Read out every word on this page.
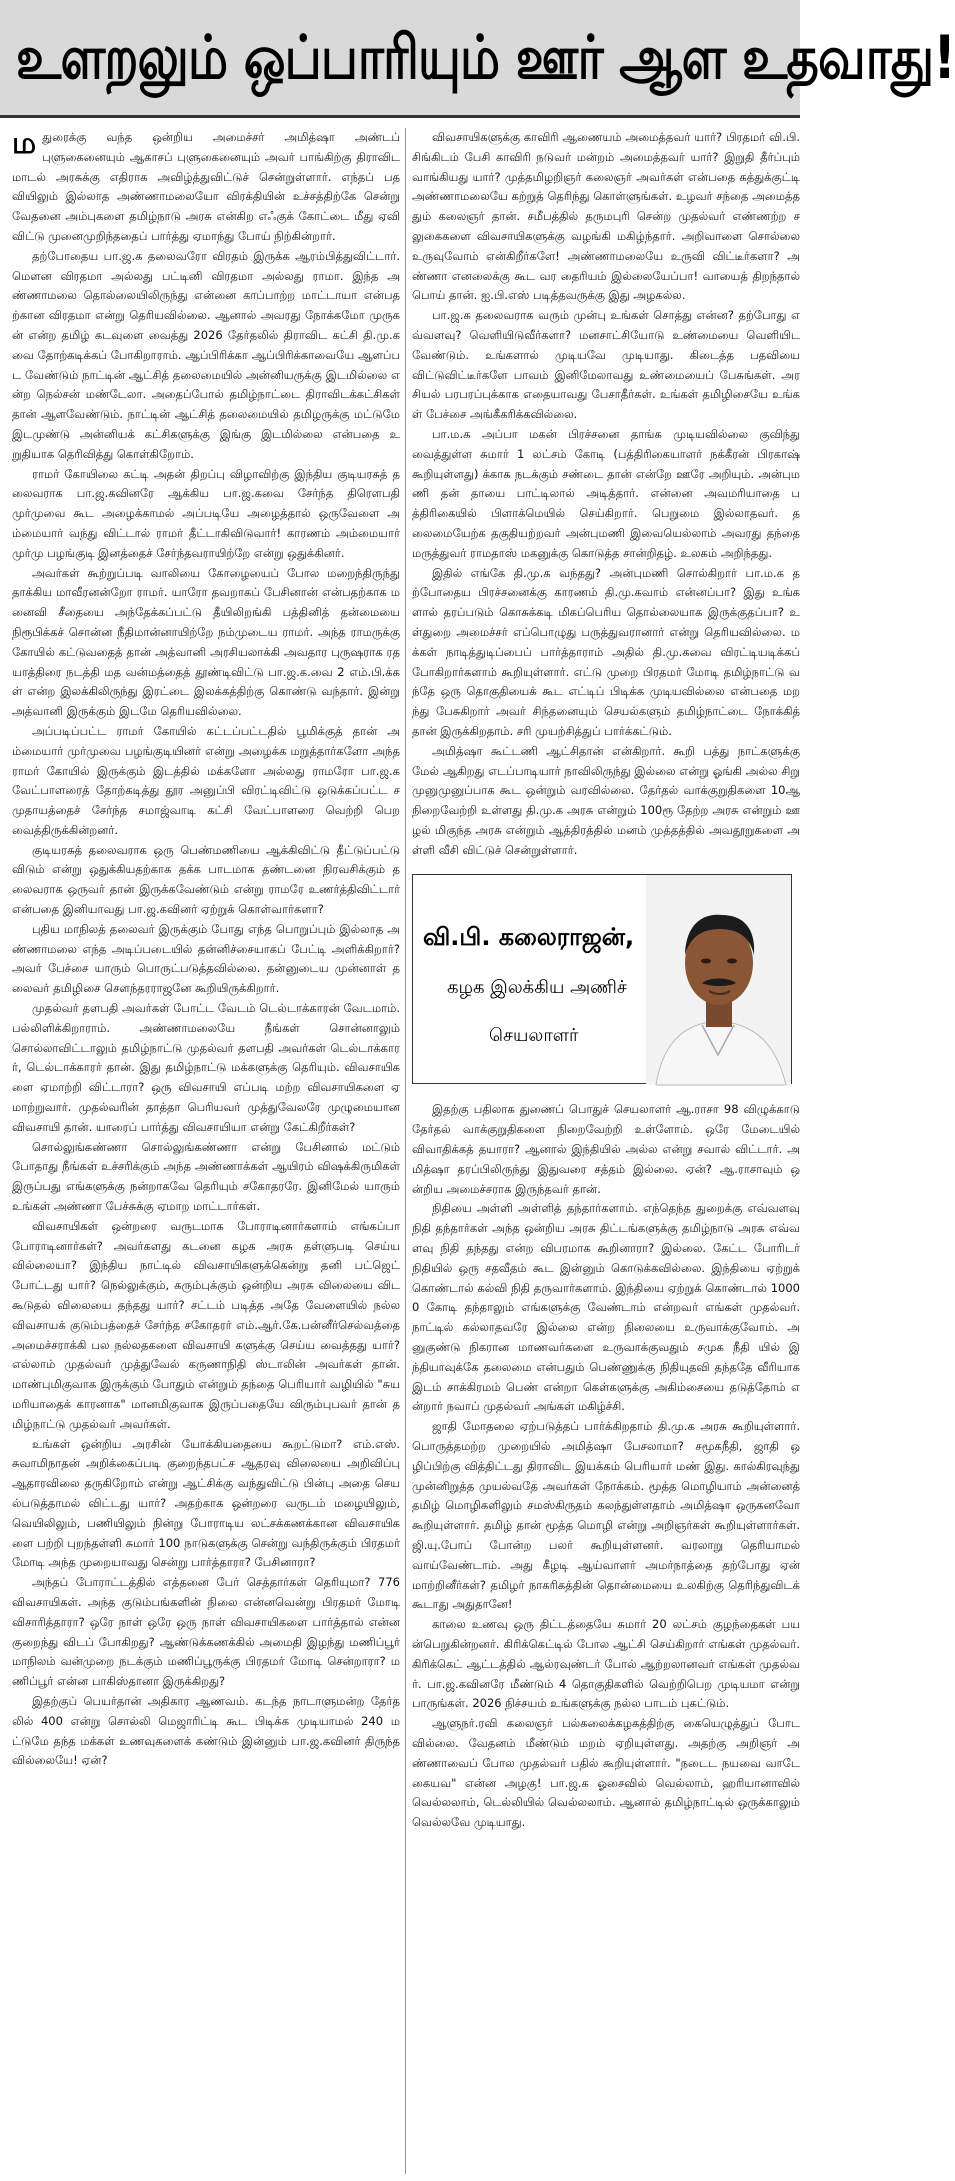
உளறலும் ஒப்பாரியும் ஊர் ஆள உதவாது!

மதுரைக்கு வந்த ஒன்றிய அமைச்சர் அமித்ஷா அண்டப் புளுகைனையும் ஆகாசப் புளுகைனையும் அவர் பாங்கிற்கு திராவிட மாடல் அரசுக்கு எதிராக அவிழ்த்துவிட்டுச் சென்றுள்ளார். எந்தப் பதவியிலும் இல்லாத அண்ணாமலையோ விரக்தியின் உச்சத்திற்கே சென்று வேதனை அம்புகளை தமிழ்நாடு அரசு என்கிற எஃகுக் கோட்டை மீது ஏவி விட்டு முனைமுறிந்ததைப் பார்த்து ஏமாந்து போய் நிற்கின்றார்.

தற்போதைய பா.ஜ.க தலைவரோ விரதம் இருக்க ஆரம்பித்துவிட்டார். மௌன விரதமா அல்லது பட்டினி விரதமா அல்லது ராமா. இந்த அண்ணாமலை தொல்லையிலிருந்து என்னை காப்பாற்ற மாட்டாயா என்பதற்கான விரதமா என்று தெரியவில்லை. ஆனால் அவரது நோக்கமோ முருகன் என்ற தமிழ் கடவுளை வைத்து 2026 தேர்தலில் திராவிட கட்சி தி.மு.கவை தோற்கடிக்கப் போகிறாராம். ஆப்பிரிக்கா ஆப்பிரிக்காவையே ஆளப்பட வேண்டும் நாட்டின் ஆட்சித் தலைமையில் அன்னியருக்கு இடமில்லை என்ற நெல்சன் மண்டேலா. அதைப்போல் தமிழ்நாட்டை திராவிடக்கட்சிகள் தான் ஆளவேண்டும். நாட்டின் ஆட்சித் தலைமையில் தமிழருக்கு மட்டுமே இடமுண்டு அன்னியக் கட்சிகளுக்கு இங்கு இடமில்லை என்பதை உறுதியாக தெரிவித்து கொள்கிறோம்.

ராமர் கோயிலை கட்டி அதன் திறப்பு விழாவிற்கு இந்திய குடியரசுத் தலைவராக பா.ஜ.கவினரே ஆக்கிய பா.ஜ.கவை சேர்ந்த திரௌபதி முர்முவை கூட அழைக்காமல் அப்படியே அழைத்தால் ஒருவேளை அம்மையார் வந்து விட்டால் ராமர் தீட்டாகிவிடுவார்! காரணம் அம்மையார் முர்மு பழங்குடி இனத்தைச் சேர்ந்தவராயிற்றே என்று ஒதுக்கினர்.

அவர்கள் கூற்றுப்படி வாலியை கோழையைப் போல மறைந்திருந்து தாக்கிய மாவீரனன்றோ ராமர். யாரோ தவறாகப் பேசினான் என்பதற்காக மனைவி சீதையை அந்தேக்கப்பட்டு தீயிலிறங்கி பத்தினித் தன்மையை நிரூபிக்கச் சொன்ன நீதிமான்னாயிற்றே நம்முடைய ராமர். அந்த ராமருக்கு கோயில் கட்டுவதைத் தான் அத்வானி அரசியலாக்கி அவதார புருஷராக ரத யாத்திரை நடத்தி மத வன்மத்தைத் தூண்டிவிட்டு பா.ஜ.க.வை 2 எம்.பி.க்கள் என்ற இலக்கிலிருந்து இரட்டை இலக்கத்திற்கு கொண்டு வந்தார். இன்று அத்வானி இருக்கும் இடமே தெரியவில்லை.

அப்படிப்பட்ட ராமர் கோயில் கட்டப்பட்டதில் பூமிக்குத் தான் அம்மையார் முர்முவை பழங்குடியினர் என்று அழைக்க மறுத்தார்களோ அந்த ராமர் கோயில் இருக்கும் இடத்தில் மக்களோ அல்லது ராமரோ பா.ஜ.க வேட்பாளரைத் தோற்கடித்து தூர அனுப்பி விரட்டிவிட்டு ஒடுக்கப்பட்ட சமுதாயத்தைச் சேர்ந்த சமாஜ்வாடி கட்சி வேட்பாளரை வெற்றி பெற வைத்திருக்கின்றனர்.

குடியரசுத் தலைவராக ஒரு பெண்மணியை ஆக்கிவிட்டு தீட்டுப்பட்டு விடும் என்று ஒதுக்கியதற்காக தக்க பாடமாக தண்டனை நிரவசிக்கும் தலைவராக ஒருவர் தான் இருக்கவேண்டும் என்று ராமரே உணர்த்திவிட்டார் என்பதை இனியாவது பா.ஜ.கவினர் ஏற்றுக் கொள்வார்களா?

புதிய மாநிலத் தலைவர் இருக்கும் போது எந்த பொறுப்பும் இல்லாத அண்ணாமலை எந்த அடிப்படையில் தன்னிச்சையாகப் பேட்டி அளிக்கிறார்? அவர் பேச்சை யாரும் பொருட்படுத்தவில்லை. தன்னுடைய முன்னாள் தலைவர் தமிழிசை சௌந்தரராஜனே கூறியிருக்கிறார்.

முதல்வர் தளபதி அவர்கள் போட்ட வேடம் டெல்டாக்காரன் வேடமாம். பல்லிளிக்கிறாராம். அண்ணாமலையே நீங்கள் சொன்னாலும் சொல்லாவிட்டாலும் தமிழ்நாட்டு முதல்வர் தளபதி அவர்கள் டெல்டாக்காரர், டெல்டாக்காரர் தான். இது தமிழ்நாட்டு மக்களுக்கு தெரியும். விவசாயிகளை ஏமாற்றி விட்டாரா? ஒரு விவசாயி எப்படி மற்ற விவசாயிகளை ஏமாற்றுவார். முதல்வரின் தாத்தா பெரியவர் முத்துவேலரே முழுமையான விவசாயி தான். யாரைப் பார்த்து விவசாயியா என்று கேட்கிறீர்கள்?

சொல்லுங்கண்ணா சொல்லுங்கண்ணா என்று பேசினால் மட்டும் போதாது நீங்கள் உச்சரிக்கும் அந்த அண்ணாக்கள் ஆயிரம் விஷக்கிருமிகள் இருப்பது எங்களுக்கு நன்றாகவே தெரியும் சகோதரரே. இனிமேல் யாரும் உங்கள் அண்ணா பேச்சுக்கு ஏமாற மாட்டார்கள்.

விவசாயிகள் ஒன்றரை வருடமாக போராடினார்களாம் எங்கப்பா போராடினார்கள்? அவர்களது கடனை கழக அரசு தள்ளுபடி செய்யவில்லையா? இந்திய நாட்டில் விவசாயிகளுக்கென்று தனி பட்ஜெட் போட்டது யார்? நெல்லுக்கும், கரும்புக்கும் ஒன்றிய அரசு விலையை விட கூடுதல் விலையை தந்தது யார்? சட்டம் படித்த அதே வேளையில் நல்ல விவசாயக் குடும்பத்தைச் சேர்ந்த சகோதரர் எம்.ஆர்.கே.பன்னீர்செல்வத்தை அமைச்சராக்கி பல நல்லதகளை விவசாயி களுக்கு செய்ய வைத்தது யார்? எல்லாம் முதல்வர் முத்துவேல் கருணாநிதி ஸ்டாலின் அவர்கள் தான். மாண்புமிகுவாக இருக்கும் போதும் என்றும் தந்தை பெரியார் வழியில் "சுயமரியாதைக் காரனாக" மானமிகுவாக இருப்பதையே விரும்புபவர் தான் தமிழ்நாட்டு முதல்வர் அவர்கள்.

உங்கள் ஒன்றிய அரசின் யோக்கியதையை கூறட்டுமா? எம்.எஸ். சுவாமிநாதன் அறிக்கைப்படி குறைந்தபட்ச ஆதரவு விலையை அறிவிப்பு ஆதாரவிலை தருகிறோம் என்று ஆட்சிக்கு வந்துவிட்டு பின்பு அதை செயல்படுத்தாமல் விட்டது யார்? அதற்காக ஒன்றரை வருடம் மழையிலும், வெயிலிலும், பணியிலும் நின்று போராடிய லட்சக்கணக்கான விவசாயிகளை பற்றி புறந்தள்ளி சுமார் 100 நாடுகளுக்கு சென்று வந்திருக்கும் பிரதமர் மோடி அந்த முறையாவது சென்று பார்த்தாரா? பேசினாரா?

அந்தப் போராட்டத்தில் எத்தனை பேர் செத்தார்கள் தெரியுமா? 776 விவசாயிகள். அந்த குடும்பங்களின் நிலை என்னவென்று பிரதமர் மோடி விசாரித்தாரா? ஒரே நாள் ஒரே ஒரு நாள் விவசாயிகளை பார்த்தால் என்ன குறைந்து விடப் போகிறது? ஆண்டுக்கணக்கில் அமைதி இழந்து மணிப்பூர் மாநிலம் வன்முறை நடக்கும் மணிப்பூருக்கு பிரதமர் மோடி சென்றாரா? மணிப்பூர் என்ன பாகிஸ்தானா இருக்கிறது?

இதற்குப் பெயர்தான் அதிகார ஆணவம். கடந்த நாடாளுமன்ற தேர்தலில் 400 என்று சொல்லி மெஜாரிட்டி கூட பிடிக்க முடியாமல் 240 மட்டுமே தந்த மக்கள் உணவுகளைக் கண்டும் இன்னும் பா.ஜ.கவினர் திருந்தவில்லையே! ஏன்?

விவசாயிகளுக்கு காவிரி ஆணையம் அமைத்தவர் யார்? பிரதமர் வி.பி. சிங்கிடம் பேசி காவிரி நடுவர் மன்றம் அமைத்தவர் யார்? இறுதி தீர்ப்பும் வாங்கியது யார்? முத்தமிழறிஞர் கலைஞர் அவர்கள் என்பதை கத்துக்குட்டி அண்ணாமலையே கற்றுத் தெரிந்து கொள்ளுங்கள். உழவர் சந்தை அமைத்ததும் கலைஞர் தான். சமீபத்தில் தருமபுரி சென்ற முதல்வர் எண்ணற்ற சலுகைகளை விவசாயிகளுக்கு வழங்கி மகிழ்ந்தார். அறிவாளை சொல்லை உருவுவோம் என்கிறீர்களே! அண்ணாமலையே உருவி விட்டீர்களா? அண்ணா எனலைக்கு கூட வர தைரியம் இல்லையேப்பா! வாயைத் திறந்தால் பொய் தான். ஐ.பி.எஸ் படித்தவருக்கு இது அழகல்ல.

பா.ஜ.க தலைவராக வரும் முன்பு உங்கள் சொத்து என்ன? தற்போது எவ்வளவு? வெளியிடுவீர்களா? மனசாட்சியோடு உண்மையை வெளியிட வேண்டும். உங்களால் முடியவே முடியாது. கிடைத்த பதவியை விட்டுவிட்டீர்களே பாவம் இனிமேலாவது உண்மையைப் பேசுங்கள். அரசியல் பரபரப்புக்காக எதையாவது பேசாதீர்கள். உங்கள் தமிழிசையே உங்கள் பேச்சை அங்கீகரிக்கவில்லை.

பா.ம.க அப்பா மகன் பிரச்சனை தாங்க முடியவில்லை குவிந்து வைத்துள்ள சுமார் 1 லட்சம் கோடி (பத்திரிகையாளர் நக்கீரன் பிரகாஷ் கூறியுள்ளது) க்காக நடக்கும் சண்டை தான் என்றே ஊரே அறியும். அன்புமணி தன் தாயை பாட்டிலால் அடித்தார். என்னை அவமரியாதை பத்திரிகையில் பிளாக்மெயில் செய்கிறார். பெறுமை இல்லாதவர். தலைமையேற்க தகுதியற்றவர் அன்புமணி இவையெல்லாம் அவரது தந்தை மருத்துவர் ராமதாஸ் மகனுக்கு கொடுத்த சான்றிதழ். உலகம் அறிந்தது.

இதில் எங்கே தி.மு.க வந்தது? அன்புமணி சொல்கிறார் பா.ம.க தற்போதைய பிரச்சனைக்கு காரணம் தி.மு.கவாம் என்னப்பா? இது உங்களால் தரப்படும் கொசுக்கடி மிகப்பெரிய தொல்லையாக இருக்குதப்பா? உள்துறை அமைச்சர் எப்பொழுது பருத்துவரானார் என்று தெரியவில்லை. மக்கள் நாடித்துடிப்பைப் பார்த்தாராம் அதில் தி.மு.கவை விரட்டியடிக்கப் போகிறார்களாம் கூறியுள்ளார். எட்டு முறை பிரதமர் மோடி தமிழ்நாட்டு வந்தே ஒரு தொகுதியைக் கூட எட்டிப் பிடிக்க முடியவில்லை என்பதை மறந்து பேசுகிறார் அவர் சிந்தனையும் செயல்களும் தமிழ்நாட்டை நோக்கித் தான் இருக்கிறதாம். சரி முயற்சித்துப் பார்க்கட்டும்.

அமித்ஷா கூட்டணி ஆட்சிதான் என்கிறார். கூறி பத்து நாட்களுக்கு மேல் ஆகிறது எடப்பாடியார் நாவிலிருந்து இல்லை என்று ஓங்கி அல்ல சிறு முனுமுனுப்பாக கூட ஒன்றும் வரவில்லை. தேர்தல் வாக்குறுதிகளை 10ஆ நிறைவேற்றி உள்ளது தி.மு.க அரசு என்றும் 100ரூ தேற்ற அரசு என்றும் ஊழல் மிகுந்த அரசு என்றும் ஆத்திரத்தில் மனம் முத்தத்தில் அவதூறுகளை அள்ளி வீசி விட்டுச் சென்றுள்ளார்.

வி.பி. கலைராஜன்,
கழக இலக்கிய அணிச்
செயலாளர்

இதற்கு பதிலாக துணைப் பொதுச் செயலாளர் ஆ.ராசா 98 விழுக்காடு தேர்தல் வாக்குறுதிகளை நிறைவேற்றி உள்ளோம். ஒரே மேடையில் விவாதிக்கத் தயாரா? ஆனால் இந்தியில் அல்ல என்று சவால் விட்டார். அமித்ஷா தரப்பிலிருந்து இதுவரை சத்தம் இல்லை. ஏன்? ஆ.ராசாவும் ஒன்றிய அமைச்சராக இருந்தவர் தான்.

நிதியை அள்ளி அள்ளித் தந்தார்களாம். எந்தெந்த துறைக்கு எவ்வளவு நிதி தந்தார்கள் அந்த ஒன்றிய அரசு திட்டங்களுக்கு தமிழ்நாடு அரசு எவ்வளவு நிதி தந்தது என்ற விபரமாக கூறினாரா? இல்லை. கேட்ட போரிடர் நிதியில் ஒரு சதவீதம் கூட இன்னும் கொடுக்கவில்லை. இந்தியை ஏற்றுக் கொண்டால் கல்வி நிதி தருவார்களாம். இந்தியை ஏற்றுக் கொண்டால் 10000 கோடி தந்தாலும் எங்களுக்கு வேண்டாம் என்றவர் எங்கள் முதல்வர். நாட்டில் கல்லாதவரே இல்லை என்ற நிலையை உருவாக்குவோம். அனுகுண்டு நிகரான மாணவர்களை உருவாக்குவதும் சமுக நீதி யில் இந்தியாவுக்கே தலைமை என்பதும் பெண்ணுக்கு நிதியுதவி தந்ததே வீரியாக இடம் சாக்கிரமம் பெண் என்றா கெள்களுக்கு அகிம்சையை தடுத்தோம் என்றார் நவாப் முதல்வர் அங்கள் மகிழ்ச்சி.

ஜாதி மோதலை ஏற்படுத்தப் பார்க்கிறதாம் தி.மு.க அரசு கூறியுள்ளார். பொருத்தமற்ற முறையில் அமித்ஷா பேசலாமா? சமூகநீதி, ஜாதி ஒழிப்பிற்கு வித்திட்டது திராவிட இயக்கம் பெரியார் மண் இது. கால்கிரவுந்து முன்னிறுத்த முயல்வதே அவர்கள் நோக்கம். மூத்த மொழியாம் அன்னைத் தமிழ் மொழிகளிலும் சமஸ்கிருதம் கலந்துள்ளதாம் அமித்ஷா ஒருகனவோ கூறியுள்ளார். தமிழ் தான் மூத்த மொழி என்று அறிஞர்கள் கூறியுள்ளார்கள். ஜி.யு.போப் போன்ற பலர் கூறியுள்ளனர். வரலாறு தெரியாமல் வாய்வேண்டாம். அது கீழடி ஆய்வாளர் அமர்நாத்தை தற்போது ஏன் மாற்றினீர்கள்? தமிழர் நாகரிகத்தின் தொன்மையை உலகிற்கு தெரிந்துவிடக் கூடாது அதுதானே!

காலை உணவு ஒரு திட்டத்தையே சுமார் 20 லட்சம் குழந்தைகள் பயன்பெறுகின்றனர். கிரிக்கெட்டில் போல ஆட்சி செய்கிறார் எங்கள் முதல்வர். கிரிக்கெட் ஆட்டத்தில் ஆல்ரவுண்டர் போல் ஆற்றலானவர் எங்கள் முதல்வர். பா.ஜ.கவினரே மீண்டும் 4 தொகுதிகளில் வெற்றிபெற முடியமா என்று பாருங்கள். 2026 நிச்சயம் உங்களுக்கு நல்ல பாடம் புகட்டும்.

ஆளுநர்.ரவி கலைஞர் பல்கலைக்கழகத்திற்கு கையெழுத்துப் போட வில்லை. வேதனம் மீண்டும் மறம் ஏறியுள்ளது. அதற்கு அறிஞர் அண்ணாவைப் போல முதல்வர் பதில் கூறியுள்ளார். "நடைட நயவை வாடே கையவ" என்ன அழகு! பா.ஜ.க ஓசைவில் வெல்லாம், ஹரியானாவில் வெல்லலாம், டெல்லியில் வெல்லலாம். ஆனால் தமிழ்நாட்டில் ஒருக்காலும் வெல்லவே முடியாது.
